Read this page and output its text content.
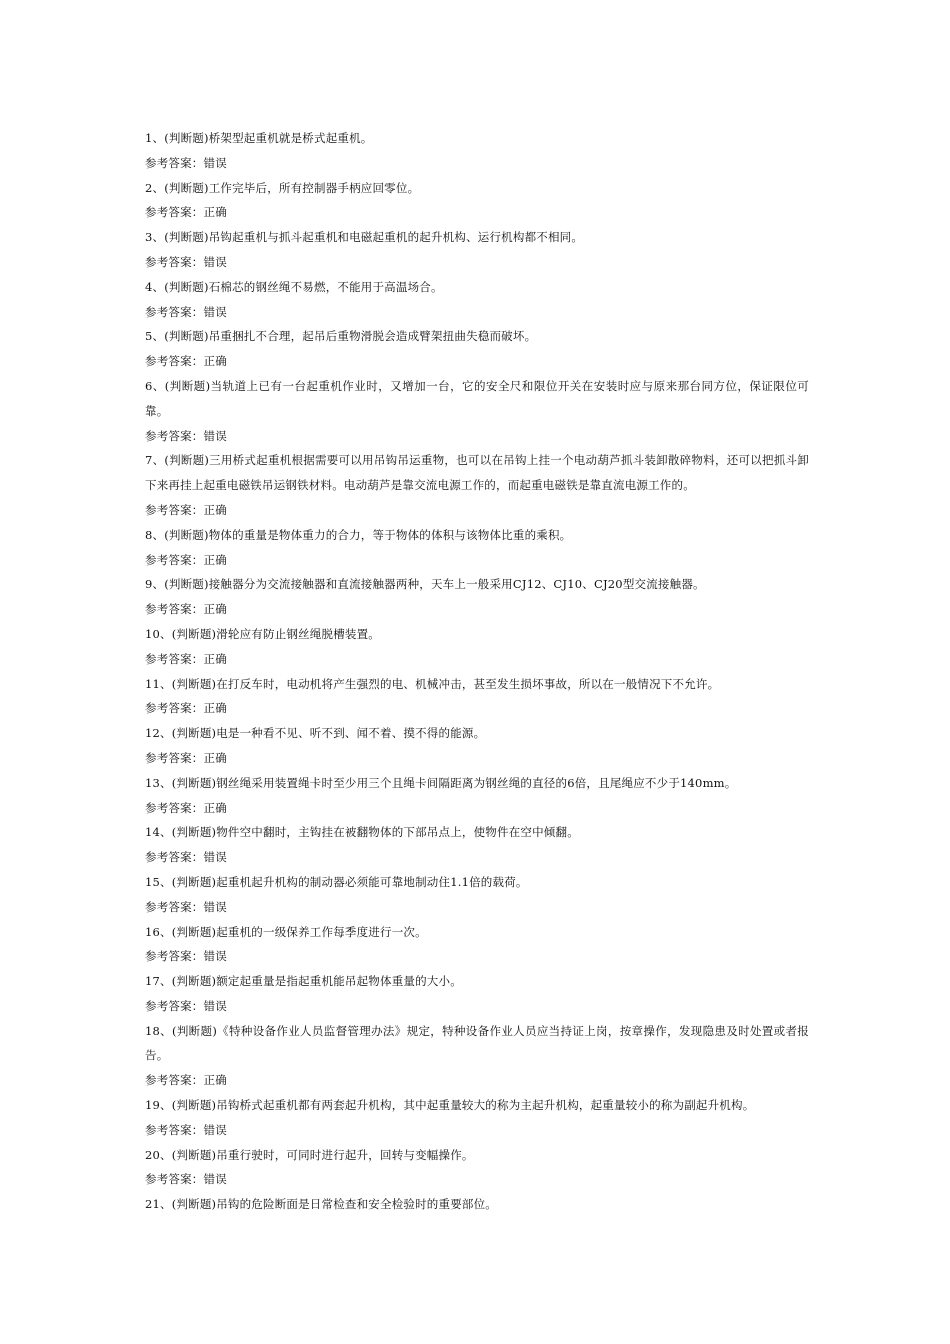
1、(判断题)桥架型起重机就是桥式起重机。
参考答案：错误
2、(判断题)工作完毕后，所有控制器手柄应回零位。
参考答案：正确
3、(判断题)吊钩起重机与抓斗起重机和电磁起重机的起升机构、运行机构都不相同。
参考答案：错误
4、(判断题)石棉芯的钢丝绳不易燃，不能用于高温场合。
参考答案：错误
5、(判断题)吊重捆扎不合理，起吊后重物滑脱会造成臂架扭曲失稳而破坏。
参考答案：正确
6、(判断题)当轨道上已有一台起重机作业时，又增加一台，它的安全尺和限位开关在安装时应与原来那台同方位，保证限位可靠。
参考答案：错误
7、(判断题)三用桥式起重机根据需要可以用吊钩吊运重物，也可以在吊钩上挂一个电动葫芦抓斗装卸散碎物料，还可以把抓斗卸下来再挂上起重电磁铁吊运钢铁材料。电动葫芦是靠交流电源工作的，而起重电磁铁是靠直流电源工作的。
参考答案：正确
8、(判断题)物体的重量是物体重力的合力，等于物体的体积与该物体比重的乘积。
参考答案：正确
9、(判断题)接触器分为交流接触器和直流接触器两种，天车上一般采用CJ12、CJ10、CJ20型交流接触器。
参考答案：正确
10、(判断题)滑轮应有防止钢丝绳脱槽装置。
参考答案：正确
11、(判断题)在打反车时，电动机将产生强烈的电、机械冲击，甚至发生损坏事故，所以在一般情况下不允许。
参考答案：正确
12、(判断题)电是一种看不见、听不到、闻不着、摸不得的能源。
参考答案：正确
13、(判断题)钢丝绳采用装置绳卡时至少用三个且绳卡间隔距离为钢丝绳的直径的6倍，且尾绳应不少于140mm。
参考答案：正确
14、(判断题)物件空中翻时，主钩挂在被翻物体的下部吊点上，使物件在空中倾翻。
参考答案：错误
15、(判断题)起重机起升机构的制动器必须能可靠地制动住1.1倍的载荷。
参考答案：错误
16、(判断题)起重机的一级保养工作每季度进行一次。
参考答案：错误
17、(判断题)额定起重量是指起重机能吊起物体重量的大小。
参考答案：错误
18、(判断题)《特种设备作业人员监督管理办法》规定，特种设备作业人员应当持证上岗，按章操作，发现隐患及时处置或者报告。
参考答案：正确
19、(判断题)吊钩桥式起重机都有两套起升机构，其中起重量较大的称为主起升机构，起重量较小的称为副起升机构。
参考答案：错误
20、(判断题)吊重行驶时，可同时进行起升，回转与变幅操作。
参考答案：错误
21、(判断题)吊钩的危险断面是日常检查和安全检验时的重要部位。
